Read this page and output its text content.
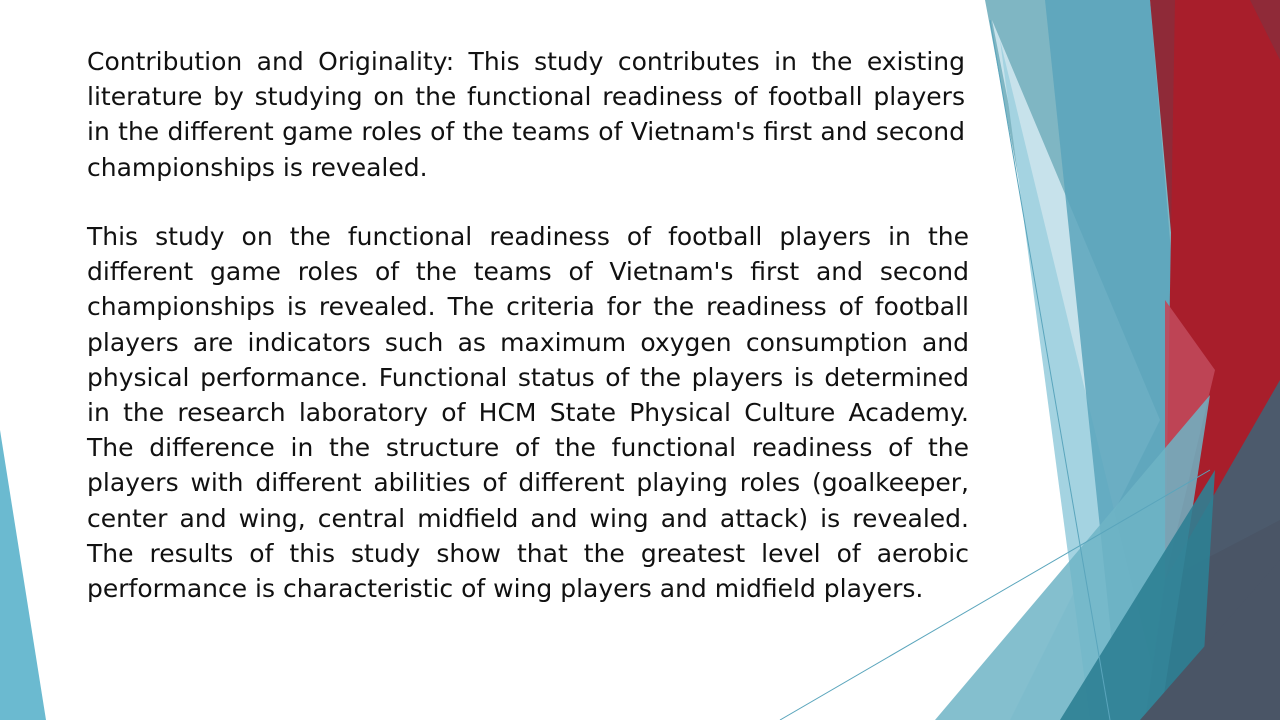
Contribution and Originality: This study contributes in the existing literature by studying on the functional readiness of football players in the different game roles of the teams of Vietnam's first and second championships is revealed.

This study on the functional readiness of football players in the different game roles of the teams of Vietnam's first and second championships is revealed. The criteria for the readiness of football players are indicators such as maximum oxygen consumption and physical performance. Functional status of the players is determined in the research laboratory of HCM State Physical Culture Academy. The difference in the structure of the functional readiness of the players with different abilities of different playing roles (goalkeeper, center and wing, central midfield and wing and attack) is revealed. The results of this study show that the greatest level of aerobic performance is characteristic of wing players and midfield players.
